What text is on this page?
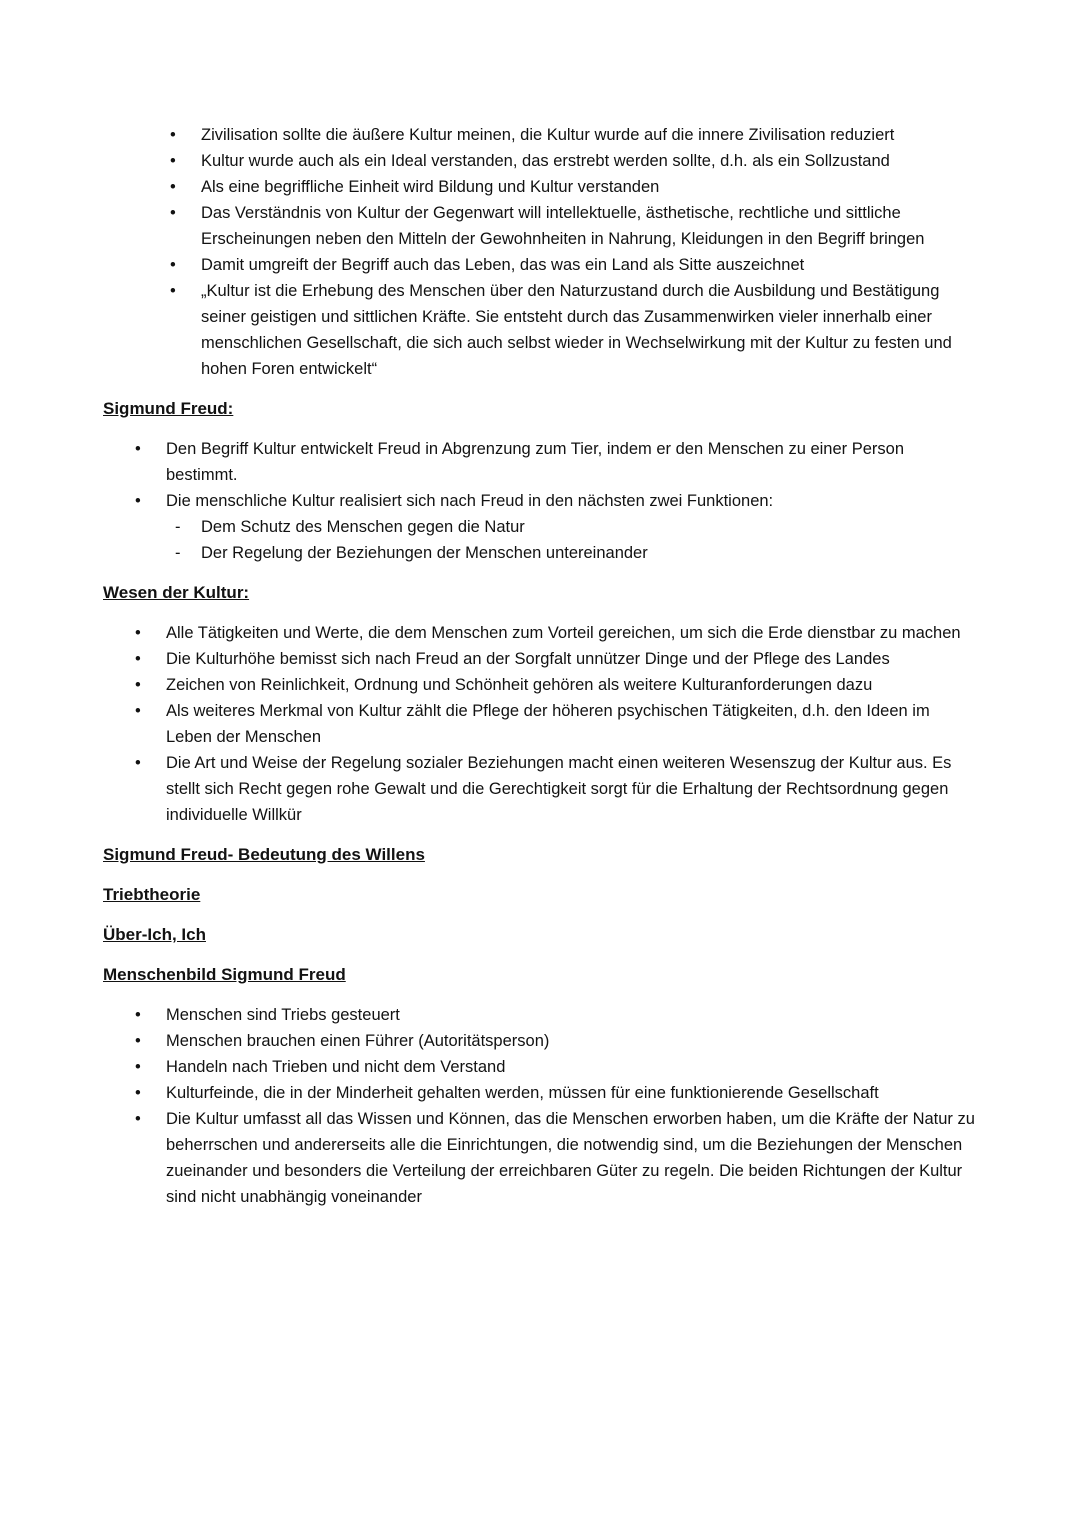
•	Zivilisation sollte die äußere Kultur meinen, die Kultur wurde auf die innere Zivilisation reduziert
•	Kultur wurde auch als ein Ideal verstanden, das erstrebt werden sollte, d.h. als ein Sollzustand
•	Als eine begriffliche Einheit wird Bildung und Kultur verstanden
•	Das Verständnis von Kultur der Gegenwart will intellektuelle, ästhetische, rechtliche und sittliche Erscheinungen neben den Mitteln der Gewohnheiten in Nahrung, Kleidungen in den Begriff bringen
•	Damit umgreift der Begriff auch das Leben, das was ein Land als Sitte auszeichnet
•	„Kultur ist die Erhebung des Menschen über den Naturzustand durch die Ausbildung und Bestätigung seiner geistigen und sittlichen Kräfte. Sie entsteht durch das Zusammenwirken vieler innerhalb einer menschlichen Gesellschaft, die sich auch selbst wieder in Wechselwirkung mit der Kultur zu festen und hohen Foren entwickelt“
Sigmund Freud:
•	Den Begriff Kultur entwickelt Freud in Abgrenzung zum Tier, indem er den Menschen zu einer Person bestimmt.
•	Die menschliche Kultur realisiert sich nach Freud in den nächsten zwei Funktionen:
-	Dem Schutz des Menschen gegen die Natur
-	Der Regelung der Beziehungen der Menschen untereinander
Wesen der Kultur:
•	Alle Tätigkeiten und Werte, die dem Menschen zum Vorteil gereichen, um sich die Erde dienstbar zu machen
•	Die Kulturhöhe bemisst sich nach Freud an der Sorgfalt unnützer Dinge und der Pflege des Landes
•	Zeichen von Reinlichkeit, Ordnung und Schönheit gehören als weitere Kulturanforderungen dazu
•	Als weiteres Merkmal von Kultur zählt die Pflege der höheren psychischen Tätigkeiten, d.h. den Ideen im Leben der Menschen
•	Die Art und Weise der Regelung sozialer Beziehungen macht einen weiteren Wesenszug der Kultur aus. Es stellt sich Recht gegen rohe Gewalt und die Gerechtigkeit sorgt für die Erhaltung der Rechtsordnung gegen individuelle Willkür
Sigmund Freud- Bedeutung des Willens
Triebtheorie
Über-Ich, Ich
Menschenbild Sigmund Freud
•	Menschen sind Triebs gesteuert
•	Menschen brauchen einen Führer (Autoritätsperson)
•	Handeln nach Trieben und nicht dem Verstand
•	Kulturfeinde, die in der Minderheit gehalten werden, müssen für eine funktionierende Gesellschaft
•	Die Kultur umfasst all das Wissen und Können, das die Menschen erworben haben, um die Kräfte der Natur zu beherrschen und andererseits alle die Einrichtungen, die notwendig sind, um die Beziehungen der Menschen zueinander und besonders die Verteilung der erreichbaren Güter zu regeln. Die beiden Richtungen der Kultur sind nicht unabhängig voneinander
